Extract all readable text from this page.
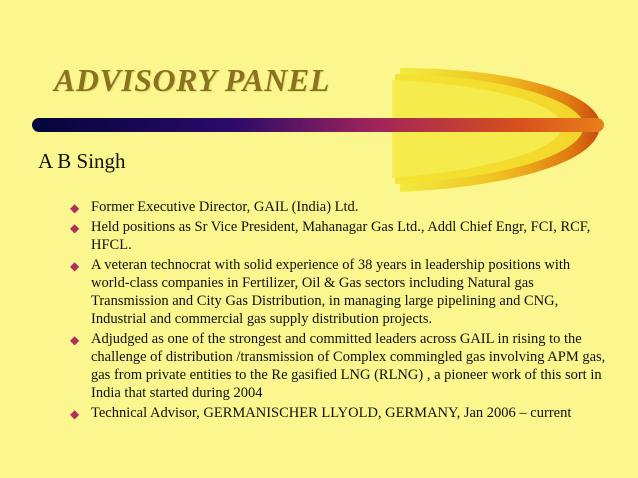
ADVISORY PANEL

A B Singh

◆ Former Executive Director, GAIL (India) Ltd.
◆ Held positions as Sr Vice President, Mahanagar Gas Ltd., Addl Chief Engr, FCI, RCF, HFCL.
◆ A veteran technocrat with solid experience of 38 years in leadership positions with world-class companies in Fertilizer, Oil & Gas sectors including Natural gas Transmission and City Gas Distribution, in managing large pipelining and CNG, Industrial and commercial gas supply distribution projects.
◆ Adjudged as one of the strongest and committed leaders across GAIL in rising to the challenge of distribution /transmission of Complex commingled gas involving APM gas, gas from private entities to the Re gasified LNG (RLNG) , a pioneer work of this sort in India that started during 2004
◆ Technical Advisor, GERMANISCHER LLYOLD, GERMANY, Jan 2006 – current
